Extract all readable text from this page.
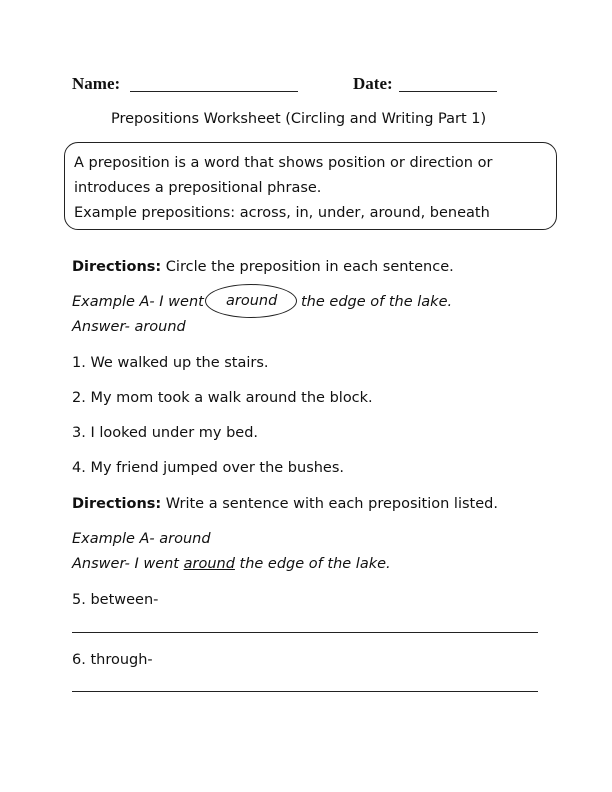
Name:	Date:
Prepositions Worksheet (Circling and Writing Part 1)
A preposition is a word that shows position or direction or
introduces a prepositional phrase.
Example prepositions: across, in, under, around, beneath
Directions: Circle the preposition in each sentence.
Example A- I went around the edge of the lake.
Answer- around
1. We walked up the stairs.
2. My mom took a walk around the block.
3. I looked under my bed.
4. My friend jumped over the bushes.
Directions: Write a sentence with each preposition listed.
Example A- around
Answer- I went around the edge of the lake.
5. between-
6. through-
